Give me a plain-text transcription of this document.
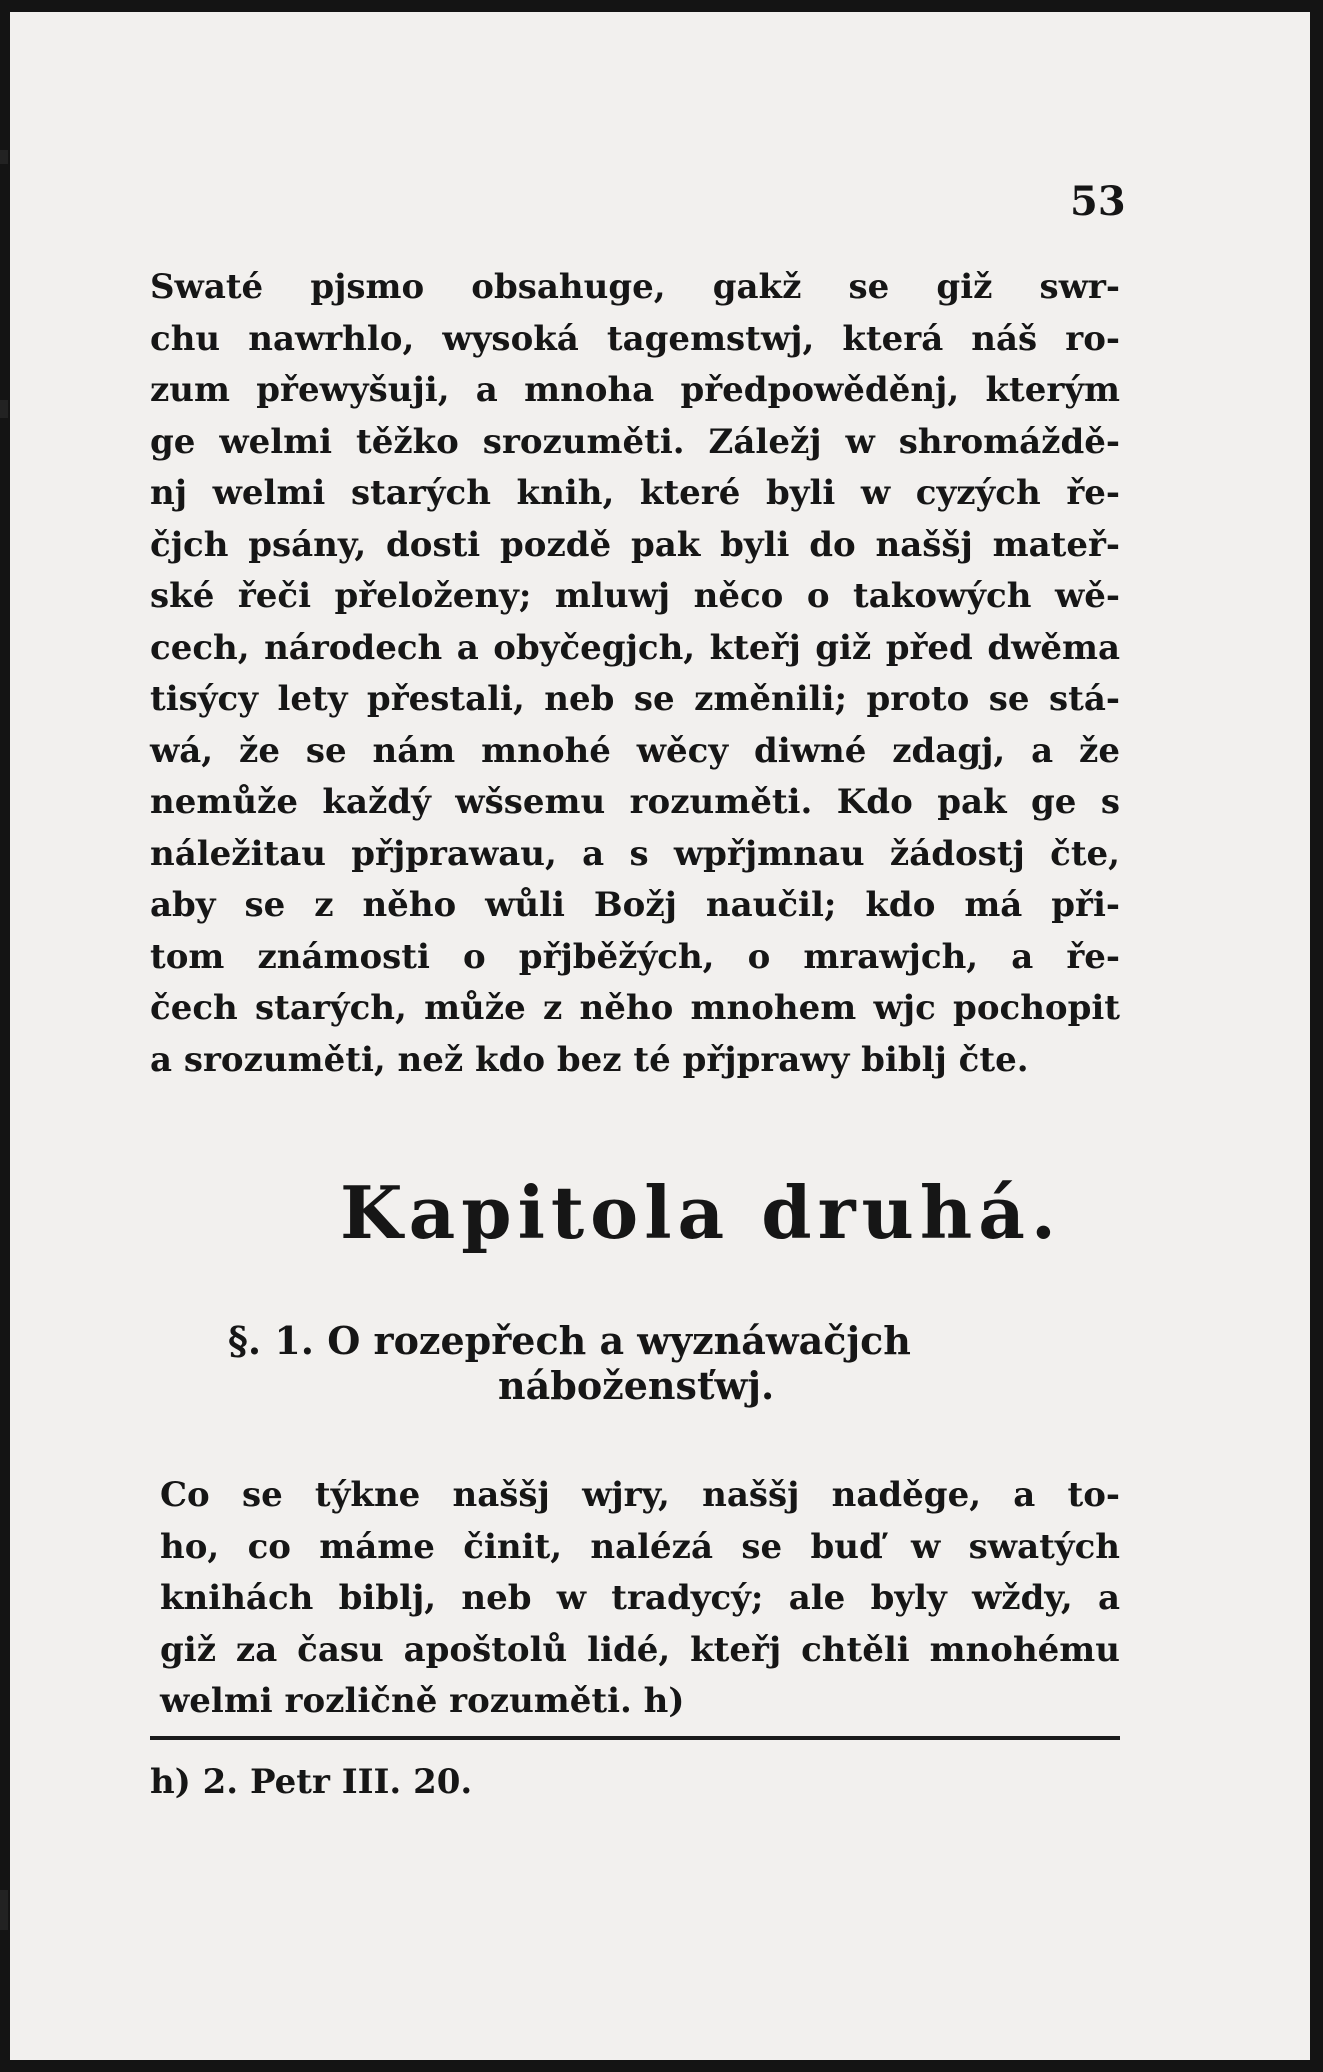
53
Swaté pjsmo obsahuge, gakž se giž swr-
chu nawrhlo, wysoká tagemstwj, která náš ro-
zum přewyšuji, a mnoha předpowěděnj, kterým
ge welmi těžko srozuměti. Záležj w shromáždě-
nj welmi starých knih, které byli w cyzých ře-
čjch psány, dosti pozdě pak byli do naššj mateř-
ské řeči přeloženy; mluwj něco o takowých wě-
cech, národech a obyčegjch, kteřj giž před dwěma
tisýcy lety přestali, neb se změnili; proto se stá-
wá, že se nám mnohé wěcy diwné zdagj, a že
nemůže každý wšsemu rozuměti. Kdo pak ge s
náležitau přjprawau, a s wpřjmnau žádostj čte,
aby se z něho wůli Božj naučil; kdo má při-
tom známosti o přjběžých, o mrawjch, a ře-
čech starých, může z něho mnohem wjc pochopit
a srozuměti, než kdo bez té přjprawy biblj čte.
Kapitola druhá.
§. 1. O rozepřech a wyznáwačjch
nábožensťwj.
Co se týkne naššj wjry, naššj naděge, a to-
ho, co máme činit, nalézá se buď w swatých
knihách biblj, neb w tradycý; ale byly wždy, a
giž za času apoštolů lidé, kteřj chtěli mnohému
welmi rozličně rozuměti. h)
h) 2. Petr III. 20.
